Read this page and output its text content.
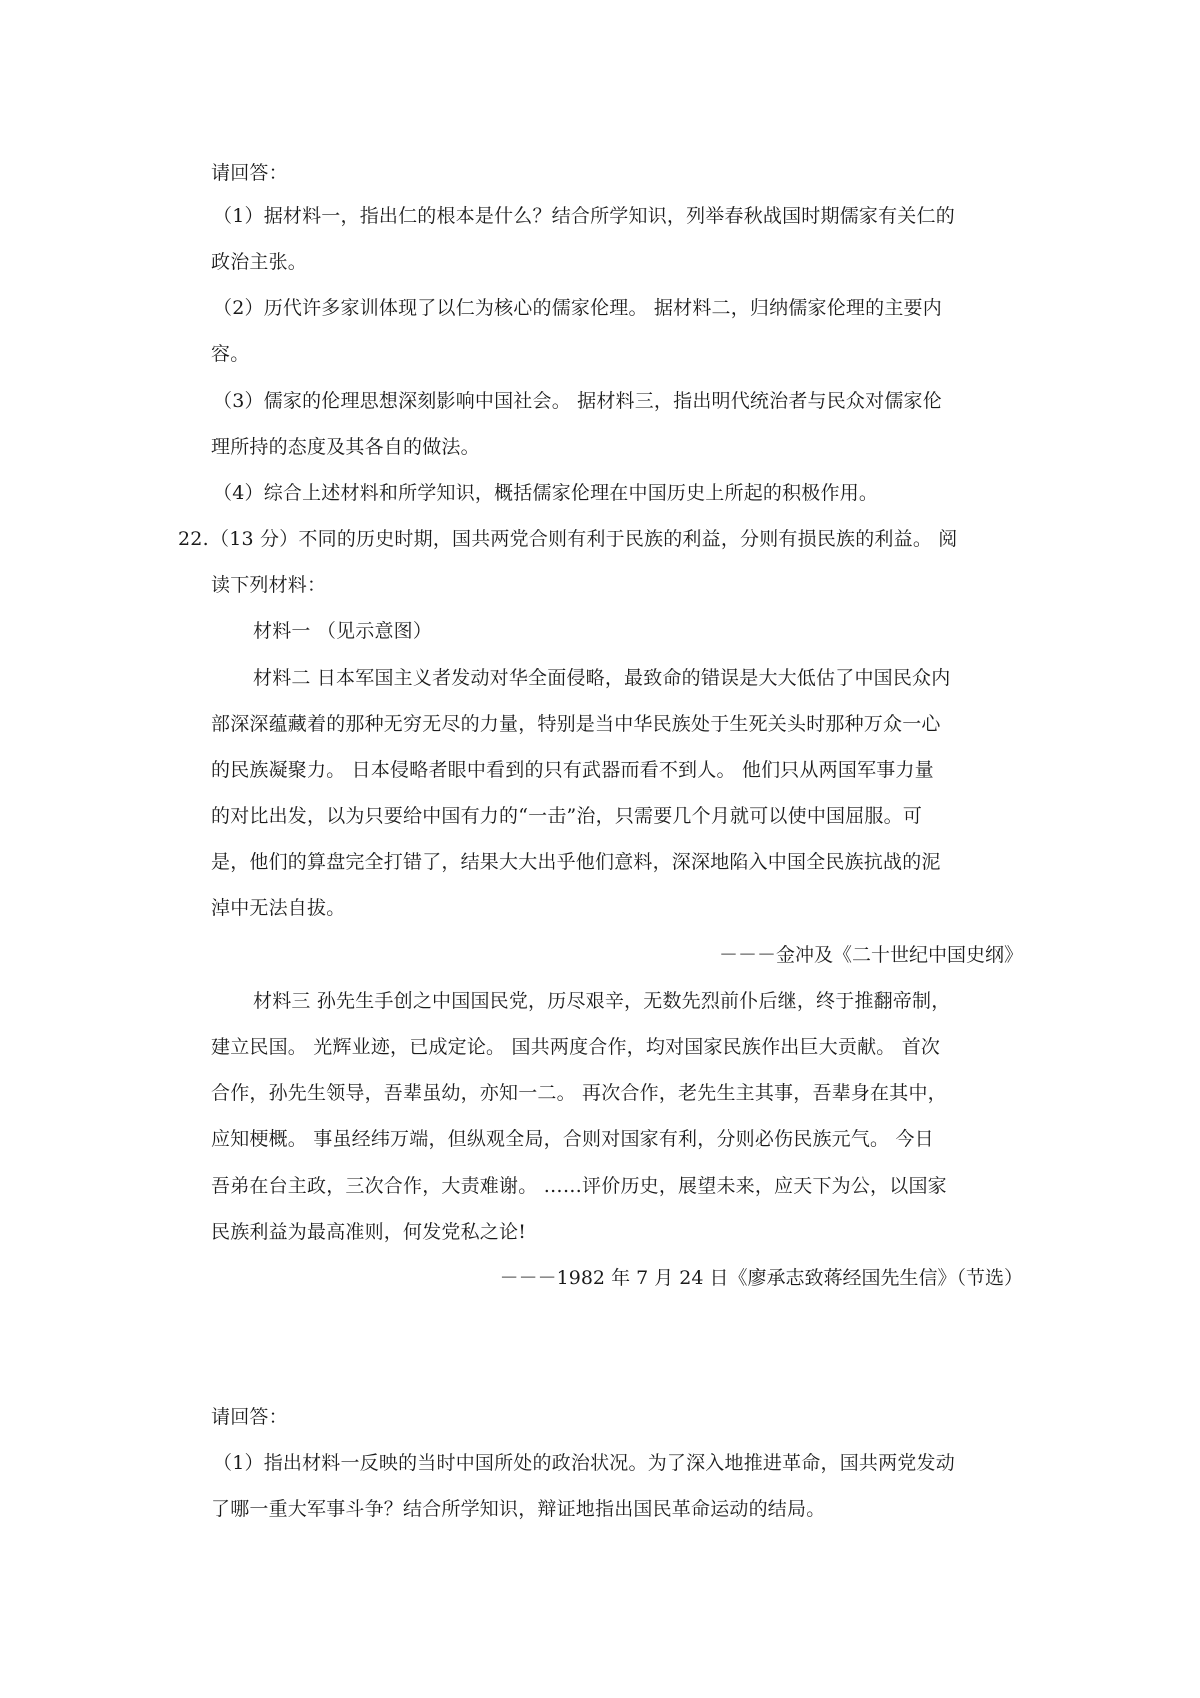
请回答：
（1）据材料一，指出仁的根本是什么？结合所学知识，列举春秋战国时期儒家有关仁的
政治主张。
（2）历代许多家训体现了以仁为核心的儒家伦理。 据材料二，归纳儒家伦理的主要内
容。
（3）儒家的伦理思想深刻影响中国社会。 据材料三，指出明代统治者与民众对儒家伦
理所持的态度及其各自的做法。
（4）综合上述材料和所学知识，概括儒家伦理在中国历史上所起的积极作用。
22. （13 分）不同的历史时期，国共两党合则有利于民族的利益，分则有损民族的利益。 阅
读下列材料：
材料一 （见示意图）
材料二 日本军国主义者发动对华全面侵略，最致命的错误是大大低估了中国民众内
部深深蕴藏着的那种无穷无尽的力量，特别是当中华民族处于生死关头时那种万众一心
的民族凝聚力。 日本侵略者眼中看到的只有武器而看不到人。 他们只从两国军事力量
的对比出发，以为只要给中国有力的“一击”治，只需要几个月就可以使中国屈服。可
是，他们的算盘完全打错了，结果大大出乎他们意料，深深地陷入中国全民族抗战的泥
淖中无法自拔。
－－－金冲及《二十世纪中国史纲》
材料三 孙先生手创之中国国民党，历尽艰辛，无数先烈前仆后继，终于推翻帝制，
建立民国。 光辉业迹，已成定论。 国共两度合作，均对国家民族作出巨大贡献。 首次
合作，孙先生领导，吾辈虽幼，亦知一二。 再次合作，老先生主其事，吾辈身在其中，
应知梗概。 事虽经纬万端，但纵观全局，合则对国家有利，分则必伤民族元气。 今日
吾弟在台主政，三次合作，大责难谢。 ……评价历史，展望未来，应天下为公，以国家
民族利益为最高准则，何发党私之论!
－－－1982 年 7 月 24 日《廖承志致蒋经国先生信》（节选）
请回答：
（1）指出材料一反映的当时中国所处的政治状况。为了深入地推进革命，国共两党发动
了哪一重大军事斗争？结合所学知识，辩证地指出国民革命运动的结局。
